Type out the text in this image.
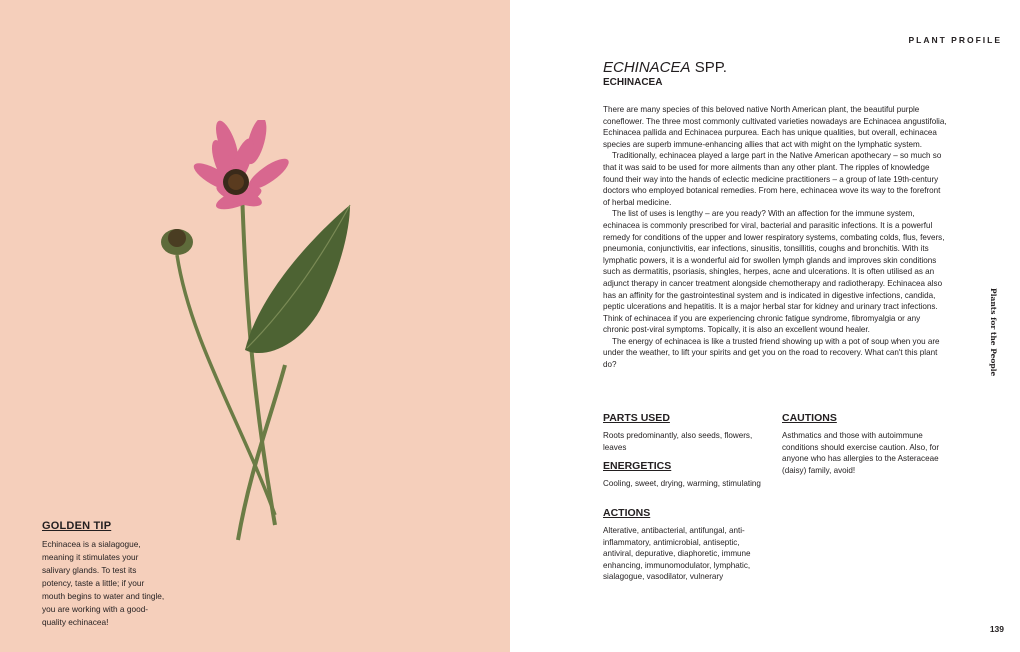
GOLDEN TIP

Echinacea is a sialagogue, meaning it stimulates your salivary glands. To test its potency, taste a little; if your mouth begins to water and tingle, you are working with a good-quality echinacea!

PLANT PROFILE
ECHINACEA SPP.
ECHINACEA

There are many species of this beloved native North American plant, the beautiful purple coneflower. The three most commonly cultivated varieties nowadays are Echinacea angustifolia, Echinacea pallida and Echinacea purpurea. Each has unique qualities, but overall, echinacea species are superb immune-enhancing allies that act with might on the lymphatic system.

Traditionally, echinacea played a large part in the Native American apothecary – so much so that it was said to be used for more ailments than any other plant. The ripples of knowledge found their way into the hands of eclectic medicine practitioners – a group of late 19th-century doctors who employed botanical remedies. From here, echinacea wove its way to the forefront of herbal medicine.

The list of uses is lengthy – are you ready? With an affection for the immune system, echinacea is commonly prescribed for viral, bacterial and parasitic infections. It is a powerful remedy for conditions of the upper and lower respiratory systems, combating colds, flus, fevers, pneumonia, conjunctivitis, ear infections, sinusitis, tonsillitis, coughs and bronchitis. With its lymphatic powers, it is a wonderful aid for swollen lymph glands and improves skin conditions such as dermatitis, psoriasis, shingles, herpes, acne and ulcerations. It is often utilised as an adjunct therapy in cancer treatment alongside chemotherapy and radiotherapy. Echinacea also has an affinity for the gastrointestinal system and is indicated in digestive infections, candida, peptic ulcerations and hepatitis. It is a major herbal star for kidney and urinary tract infections. Think of echinacea if you are experiencing chronic fatigue syndrome, fibromyalgia or any chronic post-viral symptoms. Topically, it is also an excellent wound healer.

The energy of echinacea is like a trusted friend showing up with a pot of soup when you are under the weather, to lift your spirits and get you on the road to recovery. What can't this plant do?	Plants for the People
PARTS USED

Roots predominantly, also seeds, flowers, leaves

ENERGETICS

Cooling, sweet, drying, warming, stimulating

ACTIONS

Alterative, antibacterial, antifungal, anti-inflammatory, antimicrobial, antiseptic, antiviral, depurative, diaphoretic, immune enhancing, immunomodulator, lymphatic, sialagogue, vasodilator, vulnerary

CAUTIONS

Asthmatics and those with autoimmune conditions should exercise caution. Also, for anyone who has allergies to the Asteraceae (daisy) family, avoid!

139
